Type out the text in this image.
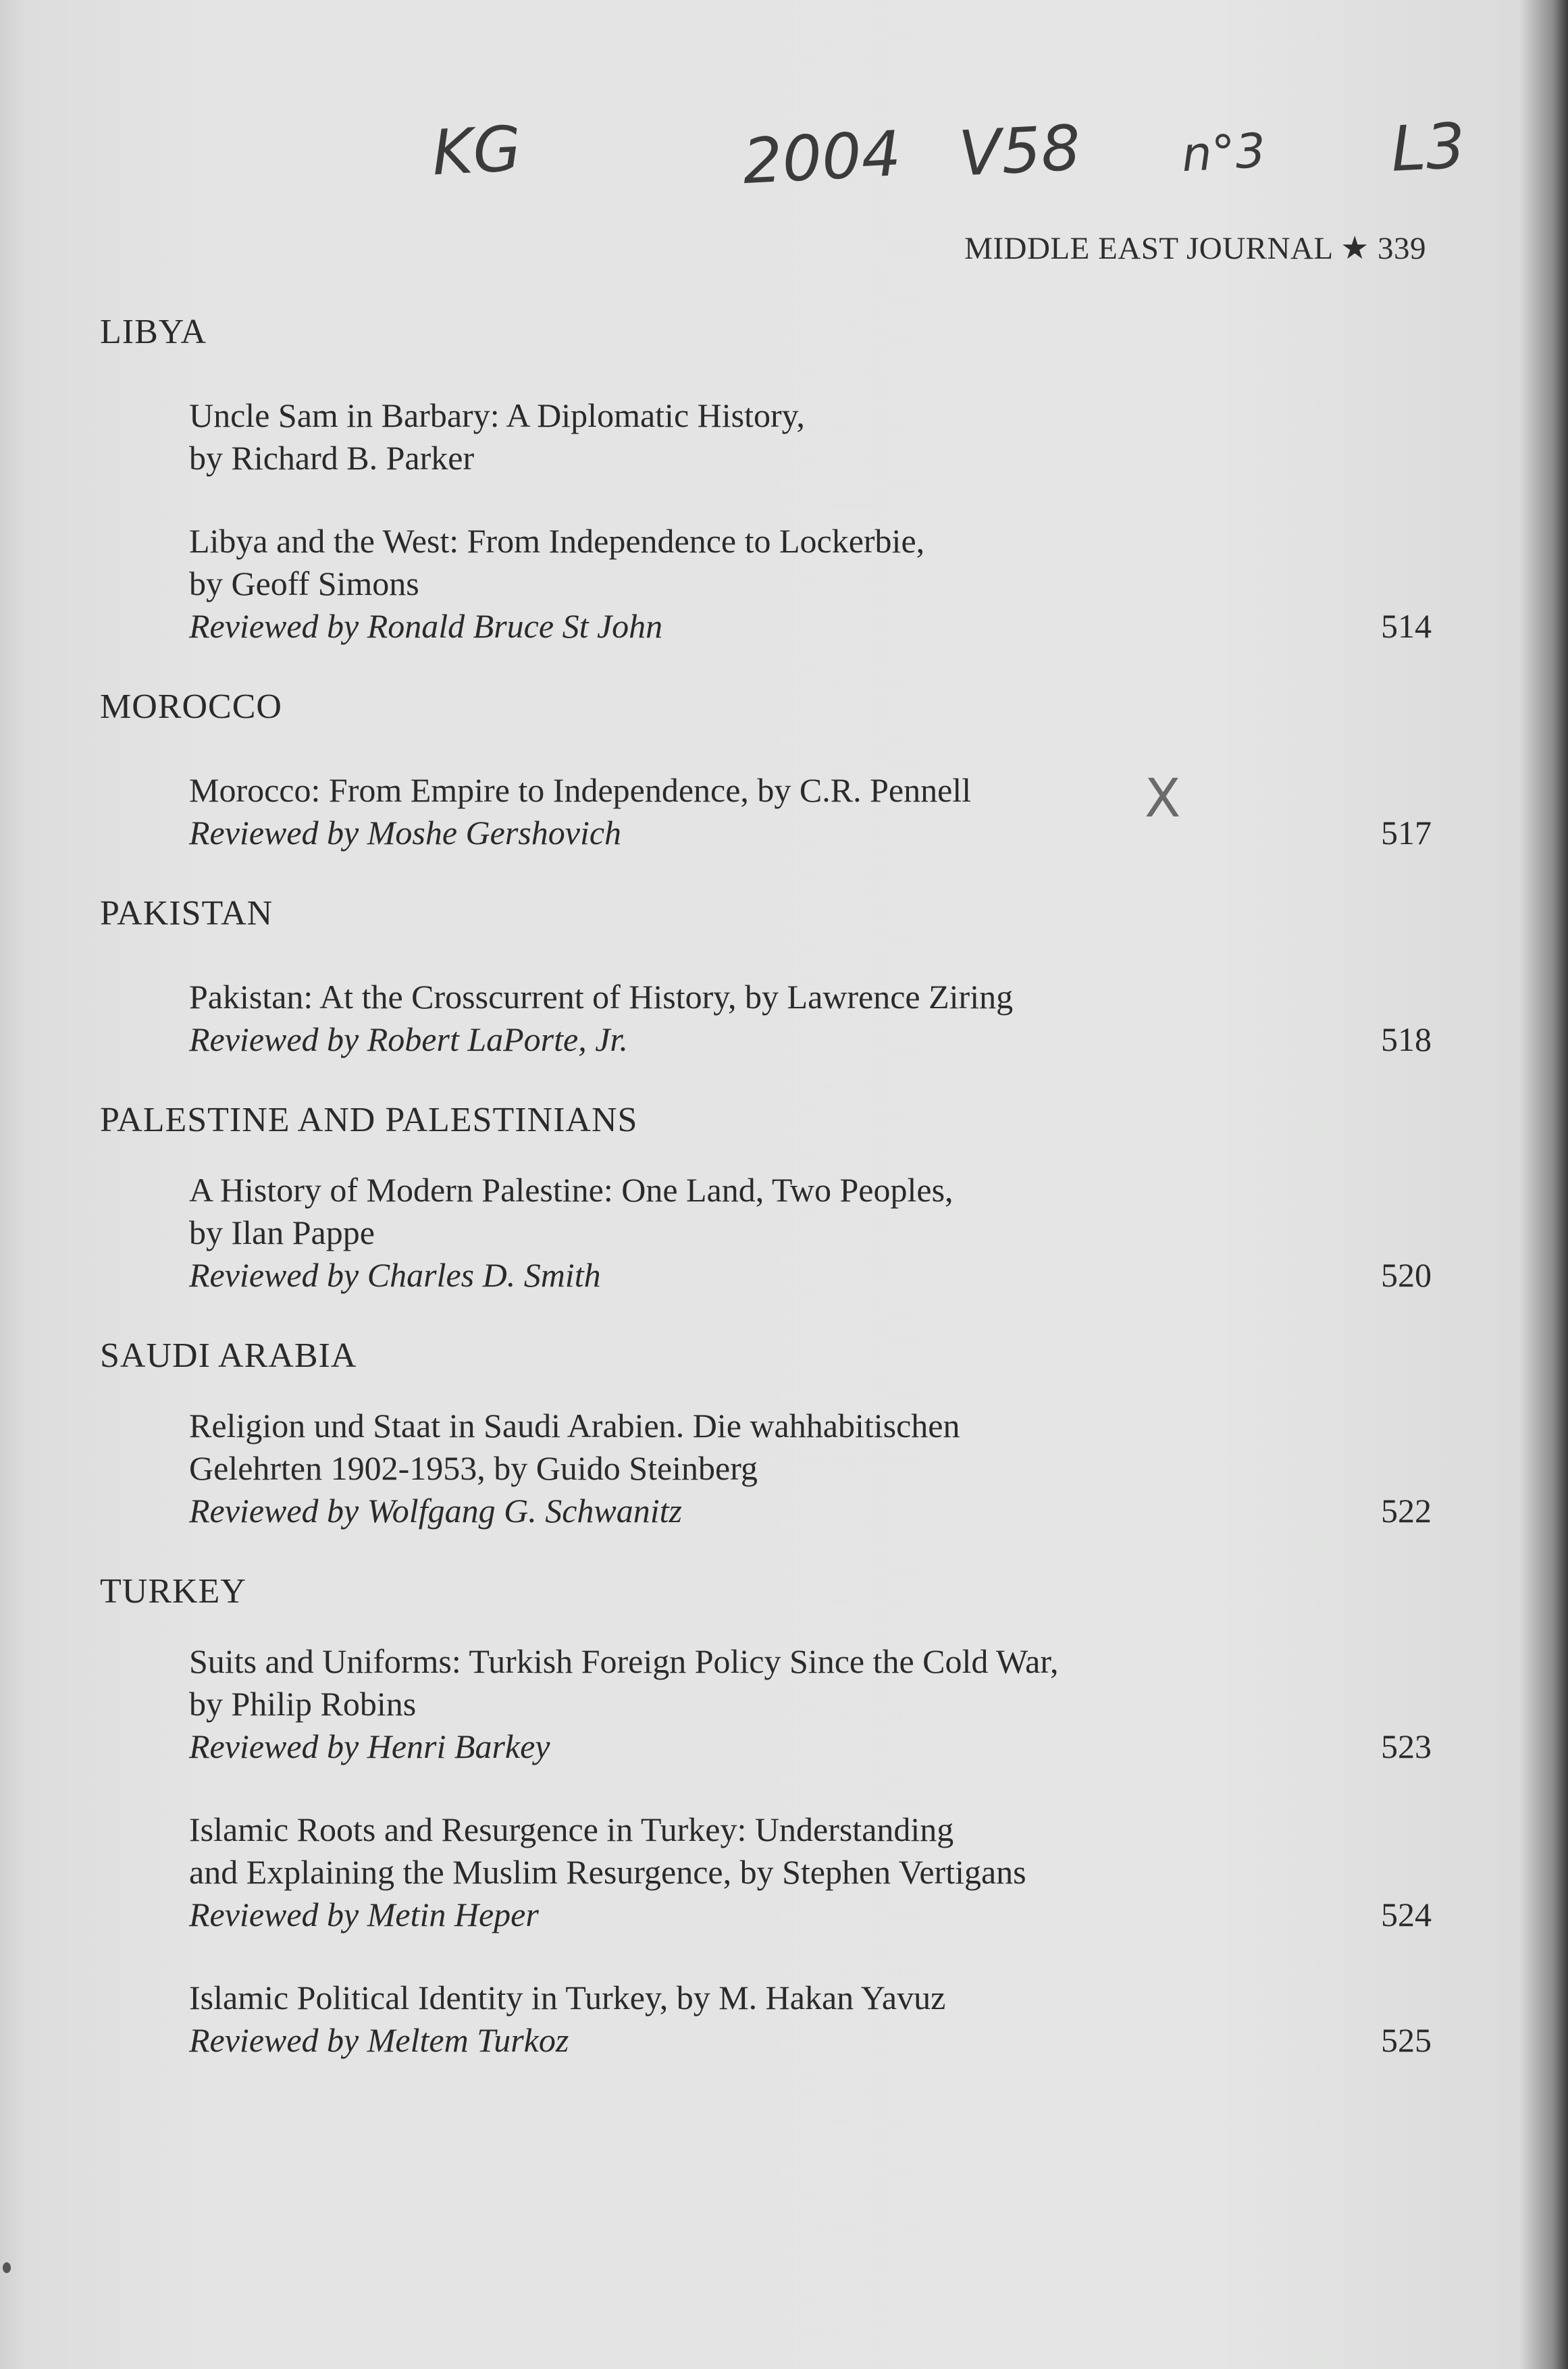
KG	2004 V58 n°3 L3
MIDDLE EAST JOURNAL ★ 339
X
LIBYA
Uncle Sam in Barbary: A Diplomatic History,
by Richard B. Parker
Libya and the West: From Independence to Lockerbie,
by Geoff Simons
Reviewed by Ronald Bruce St John	514
MOROCCO
Morocco: From Empire to Independence, by C.R. Pennell
Reviewed by Moshe Gershovich	517
PAKISTAN
Pakistan: At the Crosscurrent of History, by Lawrence Ziring
Reviewed by Robert LaPorte, Jr.	518
PALESTINE AND PALESTINIANS
A History of Modern Palestine: One Land, Two Peoples,
by Ilan Pappe
Reviewed by Charles D. Smith	520
SAUDI ARABIA
Religion und Staat in Saudi Arabien. Die wahhabitischen
Gelehrten 1902-1953, by Guido Steinberg
Reviewed by Wolfgang G. Schwanitz	522
TURKEY
Suits and Uniforms: Turkish Foreign Policy Since the Cold War,
by Philip Robins
Reviewed by Henri Barkey	523
Islamic Roots and Resurgence in Turkey: Understanding
and Explaining the Muslim Resurgence, by Stephen Vertigans
Reviewed by Metin Heper	524
Islamic Political Identity in Turkey, by M. Hakan Yavuz
Reviewed by Meltem Turkoz	525
